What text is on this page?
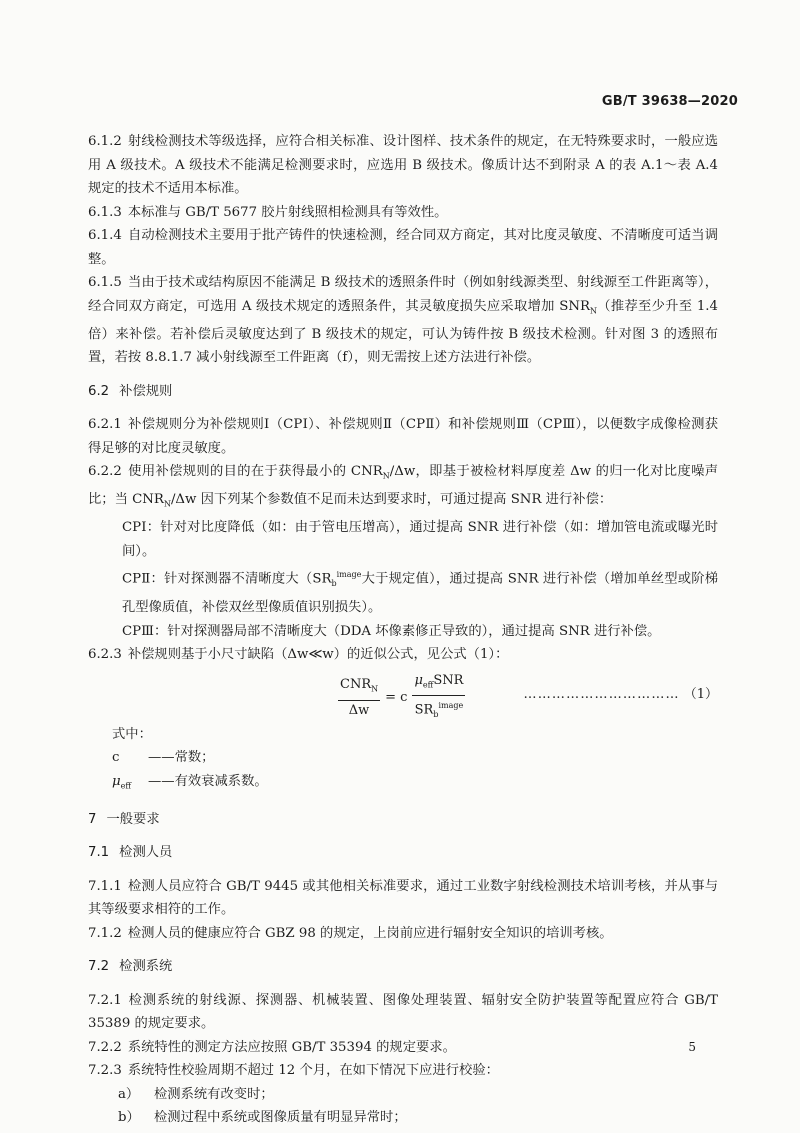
GB/T 39638—2020

6.1.2 射线检测技术等级选择，应符合相关标准、设计图样、技术条件的规定，在无特殊要求时，一般应选用 A 级技术。A 级技术不能满足检测要求时，应选用 B 级技术。像质计达不到附录 A 的表 A.1～表 A.4 规定的技术不适用本标准。

6.1.3 本标准与 GB/T 5677 胶片射线照相检测具有等效性。

6.1.4 自动检测技术主要用于批产铸件的快速检测，经合同双方商定，其对比度灵敏度、不清晰度可适当调整。

6.1.5 当由于技术或结构原因不能满足 B 级技术的透照条件时（例如射线源类型、射线源至工件距离等），经合同双方商定，可选用 A 级技术规定的透照条件，其灵敏度损失应采取增加 $SNR_N$（推荐至少升至 1.4 倍）来补偿。若补偿后灵敏度达到了 B 级技术的规定，可认为铸件按 B 级技术检测。针对图 3 的透照布置，若按 8.8.1.7 减小射线源至工件距离（f），则无需按上述方法进行补偿。

6.2 补偿规则

6.2.1 补偿规则分为补偿规则Ⅰ（CPⅠ）、补偿规则Ⅱ（CPⅡ）和补偿规则Ⅲ（CPⅢ），以便数字成像检测获得足够的对比度灵敏度。

6.2.2 使用补偿规则的目的在于获得最小的 $CNR_N/\Delta w$，即基于被检材料厚度差 Δw 的归一化对比度噪声比；当 $CNR_N/\Delta w$ 因下列某个参数值不足而未达到要求时，可通过提高 SNR 进行补偿：

CPⅠ：针对对比度降低（如：由于管电压增高），通过提高 SNR 进行补偿（如：增加管电流或曝光时间）。

CPⅡ：针对探测器不清晰度大（$SR_b^{image}$大于规定值），通过提高 SNR 进行补偿（增加单丝型或阶梯孔型像质值，补偿双丝型像质值识别损失）。

CPⅢ：针对探测器局部不清晰度大（DDA 坏像素修正导致的），通过提高 SNR 进行补偿。

6.2.3 补偿规则基于小尺寸缺陷（Δw≪w）的近似公式，见公式（1）：

$CNR_N$
Δw
= c
$\mu_{eff}SNR$
$SR_b^{image}$
…………………………… （1）

式中：

c ——常数；

$\mu_{eff}$ ——有效衰减系数。

7 一般要求

7.1 检测人员

7.1.1 检测人员应符合 GB/T 9445 或其他相关标准要求，通过工业数字射线检测技术培训考核，并从事与其等级要求相符的工作。

7.1.2 检测人员的健康应符合 GBZ 98 的规定，上岗前应进行辐射安全知识的培训考核。

7.2 检测系统

7.2.1 检测系统的射线源、探测器、机械装置、图像处理装置、辐射安全防护装置等配置应符合 GB/T 35389 的规定要求。

7.2.2 系统特性的测定方法应按照 GB/T 35394 的规定要求。

7.2.3 系统特性校验周期不超过 12 个月，在如下情况下应进行校验：

a） 检测系统有改变时；

b） 检测过程中系统或图像质量有明显异常时；

5
